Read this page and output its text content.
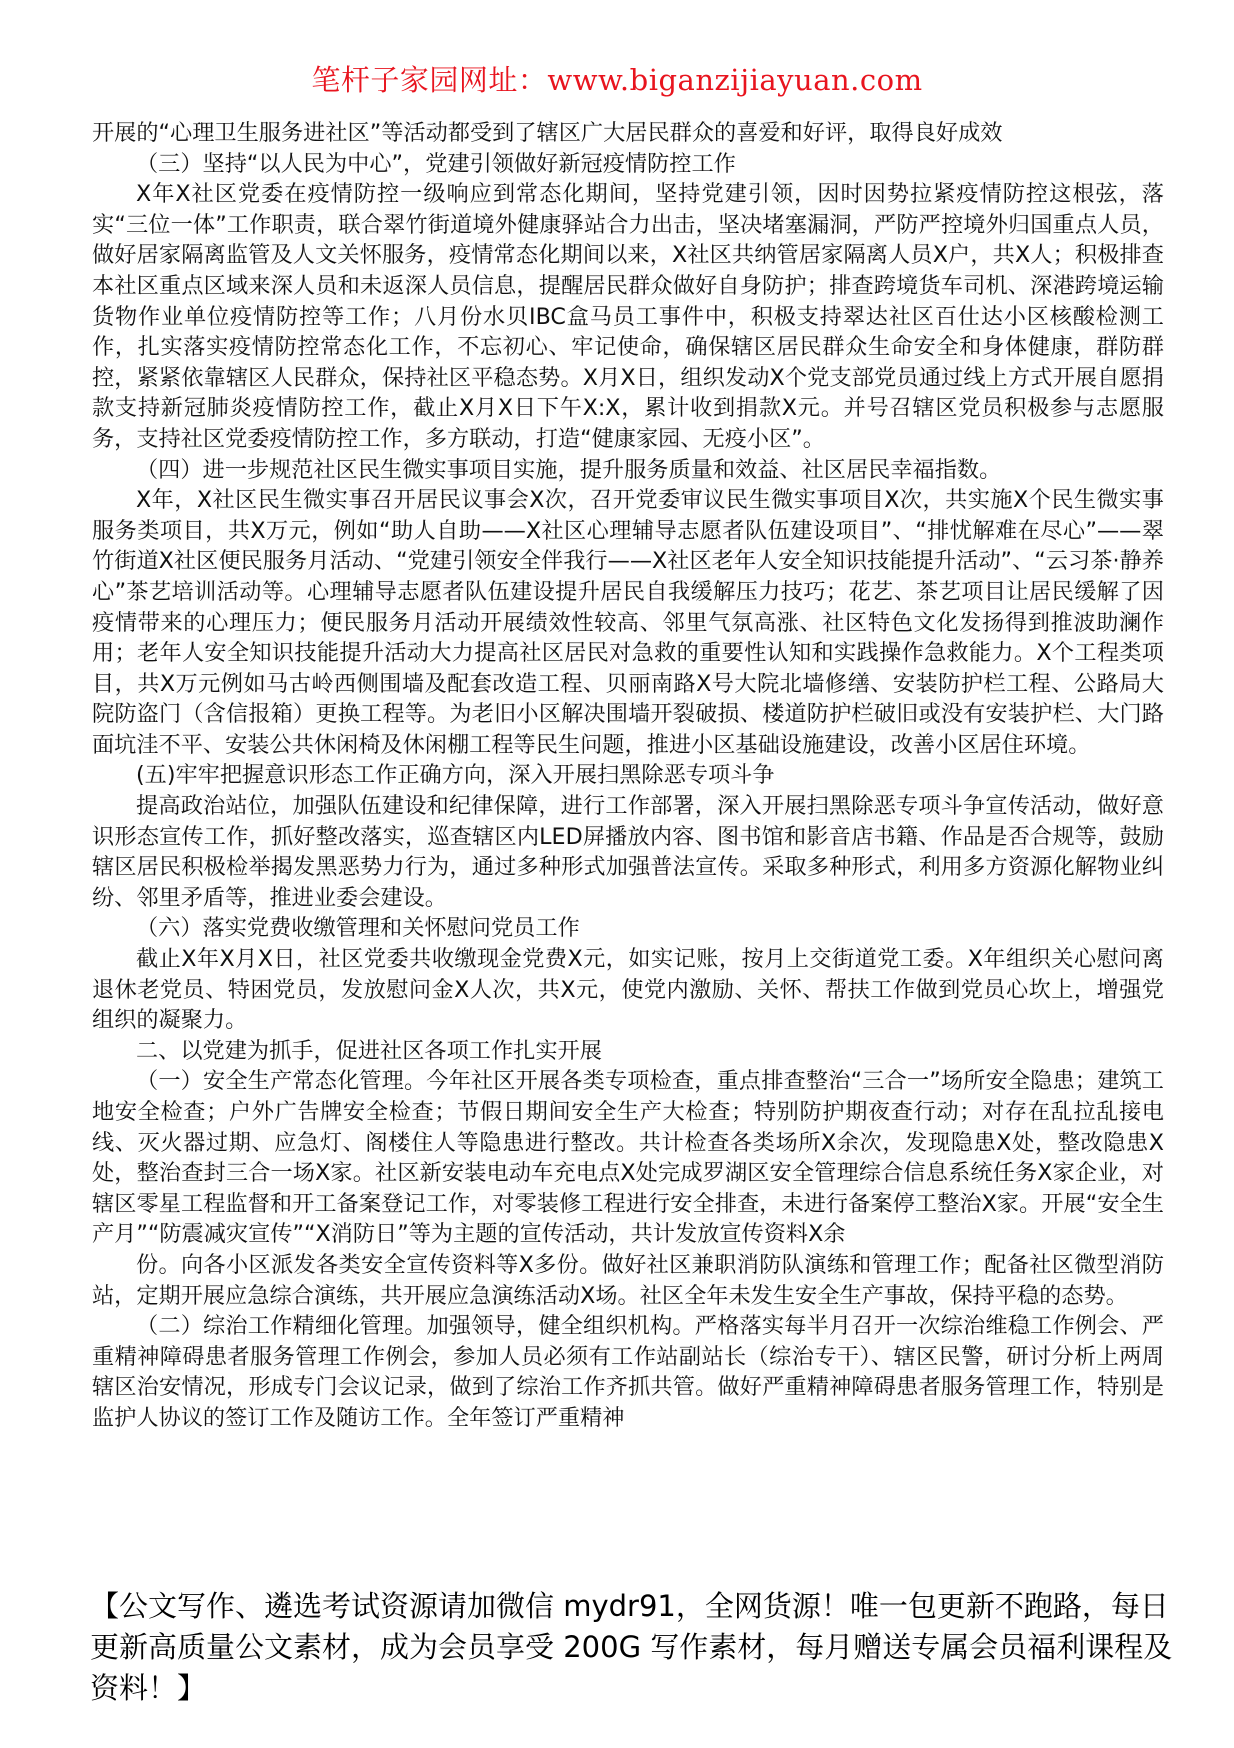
笔杆子家园网址：www.biganzijiayuan.com

开展的“心理卫生服务进社区”等活动都受到了辖区广大居民群众的喜爱和好评，取得良好成效

（三）坚持“以人民为中心”，党建引领做好新冠疫情防控工作

X年X社区党委在疫情防控一级响应到常态化期间，坚持党建引领，因时因势拉紧疫情防控这根弦，落实“三位一体”工作职责，联合翠竹街道境外健康驿站合力出击，坚决堵塞漏洞，严防严控境外归国重点人员，做好居家隔离监管及人文关怀服务，疫情常态化期间以来，X社区共纳管居家隔离人员X户，共X人；积极排查本社区重点区域来深人员和未返深人员信息，提醒居民群众做好自身防护；排查跨境货车司机、深港跨境运输货物作业单位疫情防控等工作；八月份水贝IBC盒马员工事件中，积极支持翠达社区百仕达小区核酸检测工作，扎实落实疫情防控常态化工作，不忘初心、牢记使命，确保辖区居民群众生命安全和身体健康，群防群控，紧紧依靠辖区人民群众，保持社区平稳态势。X月X日，组织发动X个党支部党员通过线上方式开展自愿捐款支持新冠肺炎疫情防控工作，截止X月X日下午X:X，累计收到捐款X元。并号召辖区党员积极参与志愿服务，支持社区党委疫情防控工作，多方联动，打造“健康家园、无疫小区”。

（四）进一步规范社区民生微实事项目实施，提升服务质量和效益、社区居民幸福指数。

X年，X社区民生微实事召开居民议事会X次，召开党委审议民生微实事项目X次，共实施X个民生微实事服务类项目，共X万元，例如“助人自助——X社区心理辅导志愿者队伍建设项目”、“排忧解难在尽心”——翠竹街道X社区便民服务月活动、“党建引领安全伴我行——X社区老年人安全知识技能提升活动”、“云习茶·静养心”茶艺培训活动等。心理辅导志愿者队伍建设提升居民自我缓解压力技巧；花艺、茶艺项目让居民缓解了因疫情带来的心理压力；便民服务月活动开展绩效性较高、邻里气氛高涨、社区特色文化发扬得到推波助澜作用；老年人安全知识技能提升活动大力提高社区居民对急救的重要性认知和实践操作急救能力。X个工程类项目，共X万元例如马古岭西侧围墙及配套改造工程、贝丽南路X号大院北墙修缮、安装防护栏工程、公路局大院防盗门（含信报箱）更换工程等。为老旧小区解决围墙开裂破损、楼道防护栏破旧或没有安装护栏、大门路面坑洼不平、安装公共休闲椅及休闲棚工程等民生问题，推进小区基础设施建设，改善小区居住环境。

(五)牢牢把握意识形态工作正确方向，深入开展扫黑除恶专项斗争

提高政治站位，加强队伍建设和纪律保障，进行工作部署，深入开展扫黑除恶专项斗争宣传活动，做好意识形态宣传工作，抓好整改落实，巡查辖区内LED屏播放内容、图书馆和影音店书籍、作品是否合规等，鼓励辖区居民积极检举揭发黑恶势力行为，通过多种形式加强普法宣传。采取多种形式，利用多方资源化解物业纠纷、邻里矛盾等，推进业委会建设。

（六）落实党费收缴管理和关怀慰问党员工作

截止X年X月X日，社区党委共收缴现金党费X元，如实记账，按月上交街道党工委。X年组织关心慰问离退休老党员、特困党员，发放慰问金X人次，共X元，使党内激励、关怀、帮扶工作做到党员心坎上，增强党组织的凝聚力。

二、以党建为抓手，促进社区各项工作扎实开展

（一）安全生产常态化管理。今年社区开展各类专项检查，重点排查整治“三合一”场所安全隐患；建筑工地安全检查；户外广告牌安全检查；节假日期间安全生产大检查；特别防护期夜查行动；对存在乱拉乱接电线、灭火器过期、应急灯、阁楼住人等隐患进行整改。共计检查各类场所X余次，发现隐患X处，整改隐患X处，整治查封三合一场X家。社区新安装电动车充电点X处完成罗湖区安全管理综合信息系统任务X家企业，对辖区零星工程监督和开工备案登记工作，对零装修工程进行安全排查，未进行备案停工整治X家。开展“安全生产月”“防震减灾宣传”“X消防日”等为主题的宣传活动，共计发放宣传资料X余

份。向各小区派发各类安全宣传资料等X多份。做好社区兼职消防队演练和管理工作；配备社区微型消防站，定期开展应急综合演练，共开展应急演练活动X场。社区全年未发生安全生产事故，保持平稳的态势。

（二）综治工作精细化管理。加强领导，健全组织机构。严格落实每半月召开一次综治维稳工作例会、严重精神障碍患者服务管理工作例会，参加人员必须有工作站副站长（综治专干）、辖区民警，研讨分析上两周辖区治安情况，形成专门会议记录，做到了综治工作齐抓共管。做好严重精神障碍患者服务管理工作，特别是监护人协议的签订工作及随访工作。全年签订严重精神

【公文写作、遴选考试资源请加微信 mydr91，全网货源！唯一包更新不跑路，每日更新高质量公文素材，成为会员享受 200G 写作素材，每月赠送专属会员福利课程及资料！】
